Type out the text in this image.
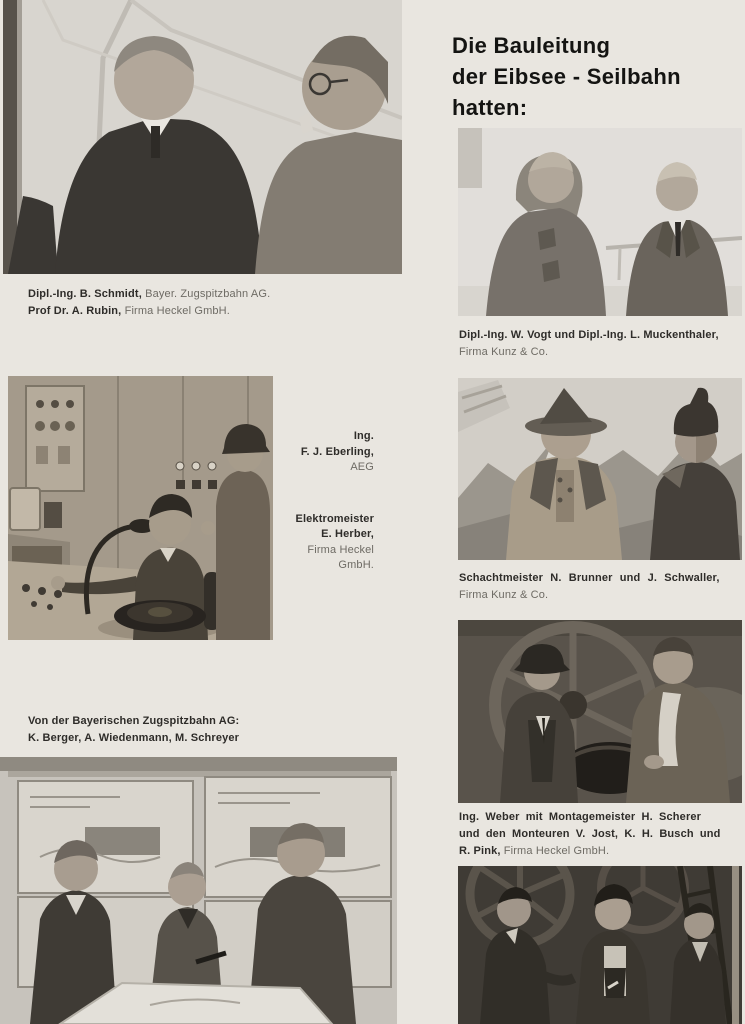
Dipl.-Ing. B. Schmidt, Bayer. Zugspitzbahn AG.
Prof Dr. A. Rubin, Firma Heckel GmbH.
Ing.
F. J. Eberling,
AEG
Elektromeister
E. Herber,
Firma Heckel
GmbH.
Von der Bayerischen Zugspitzbahn AG:
K. Berger, A. Wiedenmann, M. Schreyer
Die Bauleitung
der Eibsee - Seilbahn
hatten:
Dipl.-Ing. W. Vogt und Dipl.-Ing. L. Muckenthaler,
Firma Kunz & Co.
Schachtmeister N. Brunner und J. Schwaller,
Firma Kunz & Co.
Ing. Weber mit Montagemeister H. Scherer
und den Monteuren V. Jost, K. H. Busch und
R. Pink, Firma Heckel GmbH.
